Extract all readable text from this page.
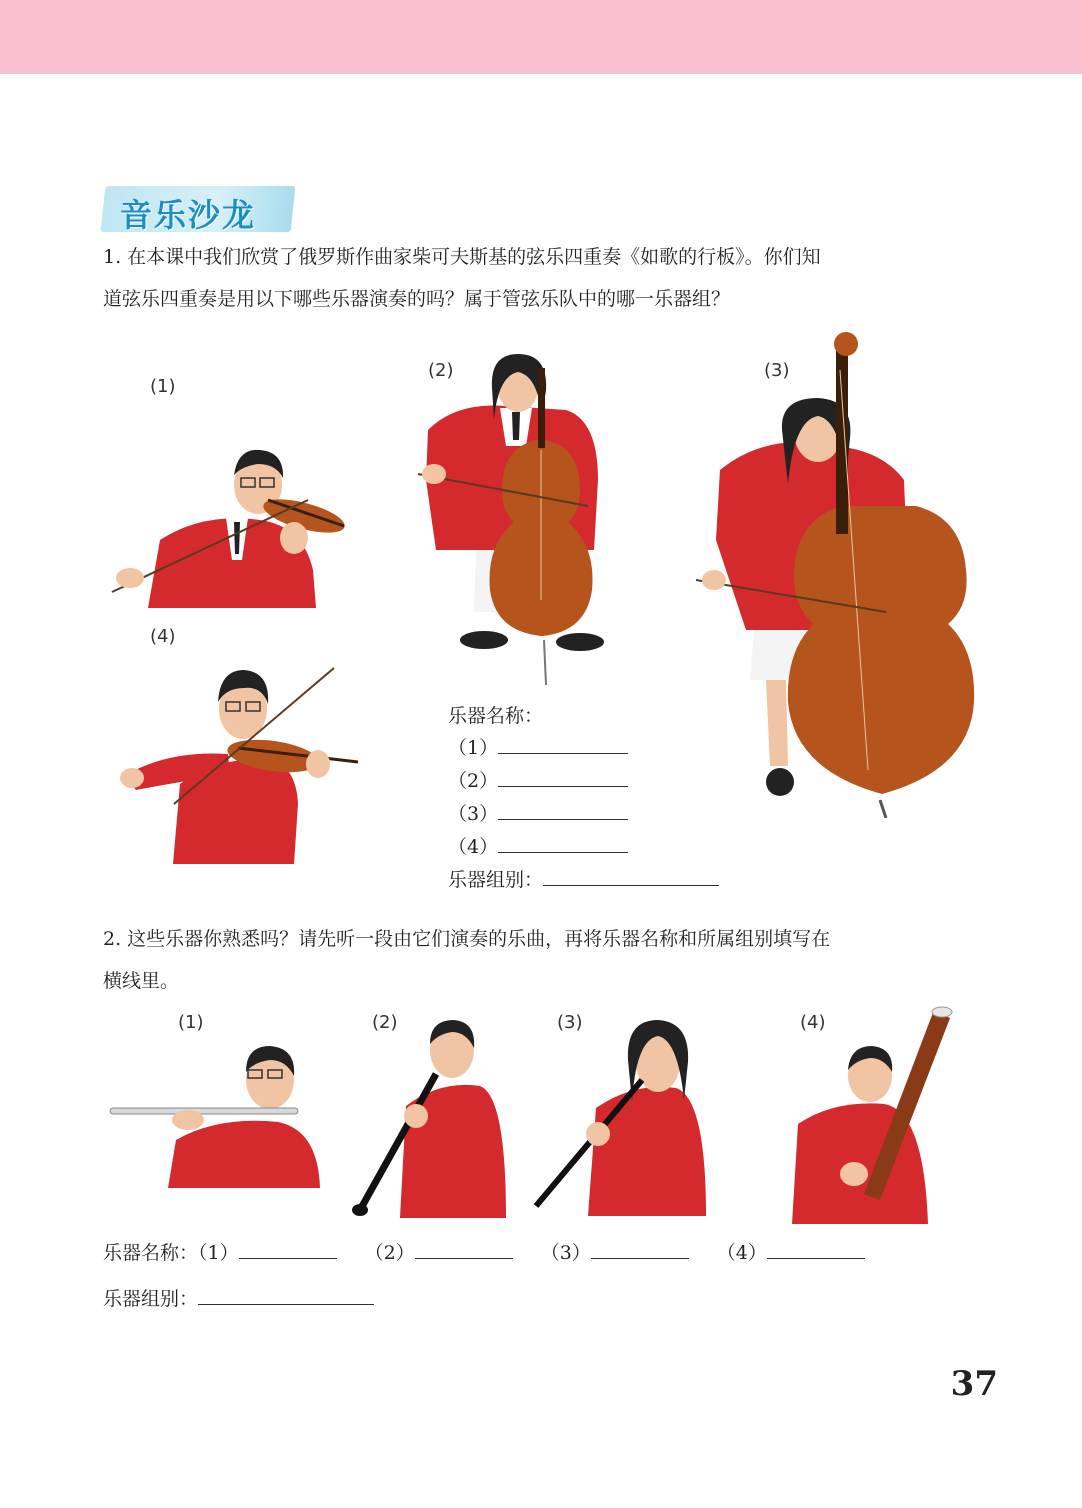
音乐沙龙
1. 在本课中我们欣赏了俄罗斯作曲家柴可夫斯基的弦乐四重奏《如歌的行板》。你们知
道弦乐四重奏是用以下哪些乐器演奏的吗？属于管弦乐队中的哪一乐器组？
(1)
(2)	(3)
(4)
乐器名称：
（1）
（2）
（3）
（4）
乐器组别：
2. 这些乐器你熟悉吗？请先听一段由它们演奏的乐曲，再将乐器名称和所属组别填写在
横线里。
(1)	(2)	(3)	(4)
乐器名称：（1）	（2）	（3）	（4）
乐器组别：
37
